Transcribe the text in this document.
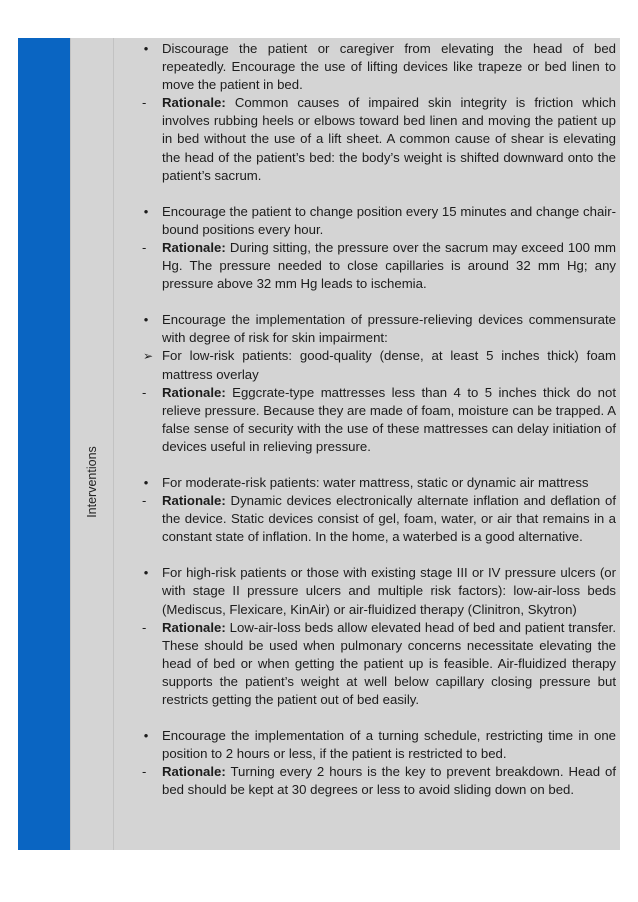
Interventions
•	Discourage the patient or caregiver from elevating the head of bed repeatedly. Encourage the use of lifting devices like trapeze or bed linen to move the patient in bed.
-	Rationale: Common causes of impaired skin integrity is friction which involves rubbing heels or elbows toward bed linen and moving the patient up in bed without the use of a lift sheet. A common cause of shear is elevating the head of the patient’s bed: the body’s weight is shifted downward onto the patient’s sacrum.
•	Encourage the patient to change position every 15 minutes and change chair-bound positions every hour.
-	Rationale: During sitting, the pressure over the sacrum may exceed 100 mm Hg. The pressure needed to close capillaries is around 32 mm Hg; any pressure above 32 mm Hg leads to ischemia.
•	Encourage the implementation of pressure-relieving devices commensurate with degree of risk for skin impairment:
➢ For low-risk patients: good-quality (dense, at least 5 inches thick) foam mattress overlay
-	Rationale: Eggcrate-type mattresses less than 4 to 5 inches thick do not relieve pressure. Because they are made of foam, moisture can be trapped. A false sense of security with the use of these mattresses can delay initiation of devices useful in relieving pressure.
•	For moderate-risk patients: water mattress, static or dynamic air mattress
-	Rationale: Dynamic devices electronically alternate inflation and deflation of the device. Static devices consist of gel, foam, water, or air that remains in a constant state of inflation. In the home, a waterbed is a good alternative.
•	For high-risk patients or those with existing stage III or IV pressure ulcers (or with stage II pressure ulcers and multiple risk factors): low-air-loss beds (Mediscus, Flexicare, KinAir) or air-fluidized therapy (Clinitron, Skytron)
-	Rationale: Low-air-loss beds allow elevated head of bed and patient transfer. These should be used when pulmonary concerns necessitate elevating the head of bed or when getting the patient up is feasible. Air-fluidized therapy supports the patient’s weight at well below capillary closing pressure but restricts getting the patient out of bed easily.
•	Encourage the implementation of a turning schedule, restricting time in one position to 2 hours or less, if the patient is restricted to bed.
-	Rationale: Turning every 2 hours is the key to prevent breakdown. Head of bed should be kept at 30 degrees or less to avoid sliding down on bed.
